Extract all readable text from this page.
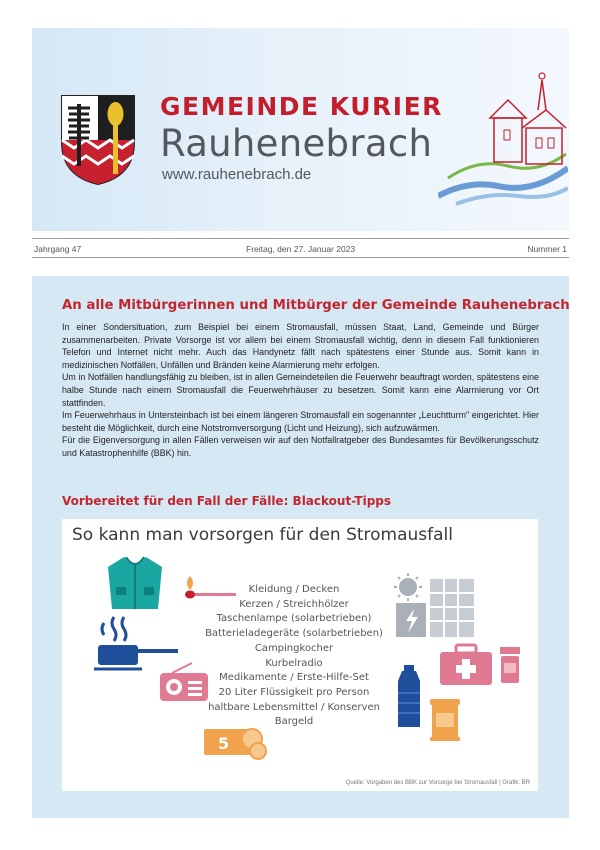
GEMEINDE KURIER
Rauhenebrach
www.rauhenebrach.de
Jahrgang 47	Freitag, den 27. Januar 2023	Nummer 1
An alle Mitbürgerinnen und Mitbürger der Gemeinde Rauhenebrach

In einer Sondersituation, zum Beispiel bei einem Stromausfall, müssen Staat, Land, Gemeinde und Bürger zusammenarbeiten. Private Vorsorge ist vor allem bei einem Stromausfall wichtig, denn in diesem Fall funktionieren Telefon und Internet nicht mehr. Auch das Handynetz fällt nach spätestens einer Stunde aus. Somit kann in medizinischen Notfällen, Unfällen und Bränden keine Alarmierung mehr erfolgen.

Um in Notfällen handlungsfähig zu bleiben, ist in allen Gemeindeteilen die Feuerwehr beauftragt worden, spätestens eine halbe Stunde nach einem Stromausfall die Feuerwehrhäuser zu besetzen. Somit kann eine Alarmierung vor Ort stattfinden.

Im Feuerwehrhaus in Untersteinbach ist bei einem längeren Stromausfall ein sogenannter „Leuchtturm" eingerichtet. Hier besteht die Möglichkeit, durch eine Notstromversorgung (Licht und Heizung), sich aufzuwärmen.

Für die Eigenversorgung in allen Fällen verweisen wir auf den Notfallratgeber des Bundesamtes für Bevölkerungsschutz und Katastrophenhilfe (BBK) hin.

Vorbereitet für den Fall der Fälle: Blackout-Tipps
So kann man vorsorgen für den Stromausfall
5
Kleidung / Decken
Kerzen / Streichhölzer
Taschenlampe (solarbetrieben)
Batterieladegeräte (solarbetrieben)
Campingkocher
Kurbelradio
Medikamente / Erste-Hilfe-Set
20 Liter Flüssigkeit pro Person
haltbare Lebensmittel / Konserven
Bargeld
Quelle: Vorgaben des BBK zur Vorsorge bei Stromausfall | Grafik: BR
